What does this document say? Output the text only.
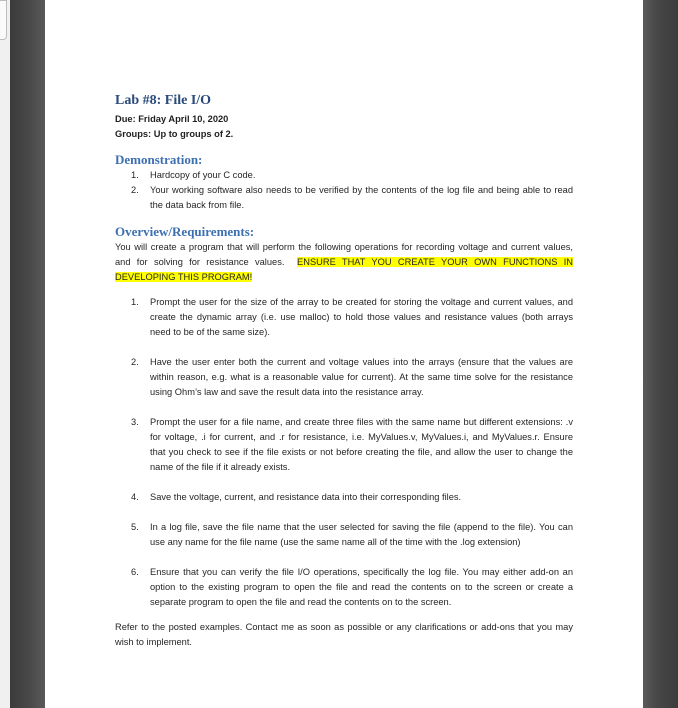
Lab #8: File I/O
Due: Friday April 10, 2020
Groups: Up to groups of 2.
Demonstration:
1. Hardcopy of your C code.
2. Your working software also needs to be verified by the contents of the log file and being able to read the data back from file.
Overview/Requirements:

You will create a program that will perform the following operations for recording voltage and current values, and for solving for resistance values. ENSURE THAT YOU CREATE YOUR OWN FUNCTIONS IN DEVELOPING THIS PROGRAM!

1. Prompt the user for the size of the array to be created for storing the voltage and current values, and create the dynamic array (i.e. use malloc) to hold those values and resistance values (both arrays need to be of the same size).
2. Have the user enter both the current and voltage values into the arrays (ensure that the values are within reason, e.g. what is a reasonable value for current). At the same time solve for the resistance using Ohm’s law and save the result data into the resistance array.
3. Prompt the user for a file name, and create three files with the same name but different extensions: .v for voltage, .i for current, and .r for resistance, i.e. MyValues.v, MyValues.i, and MyValues.r. Ensure that you check to see if the file exists or not before creating the file, and allow the user to change the name of the file if it already exists.
4. Save the voltage, current, and resistance data into their corresponding files.
5. In a log file, save the file name that the user selected for saving the file (append to the file). You can use any name for the file name (use the same name all of the time with the .log extension)
6. Ensure that you can verify the file I/O operations, specifically the log file. You may either add-on an option to the existing program to open the file and read the contents on to the screen or create a separate program to open the file and read the contents on to the screen.

Refer to the posted examples. Contact me as soon as possible or any clarifications or add-ons that you may wish to implement.
